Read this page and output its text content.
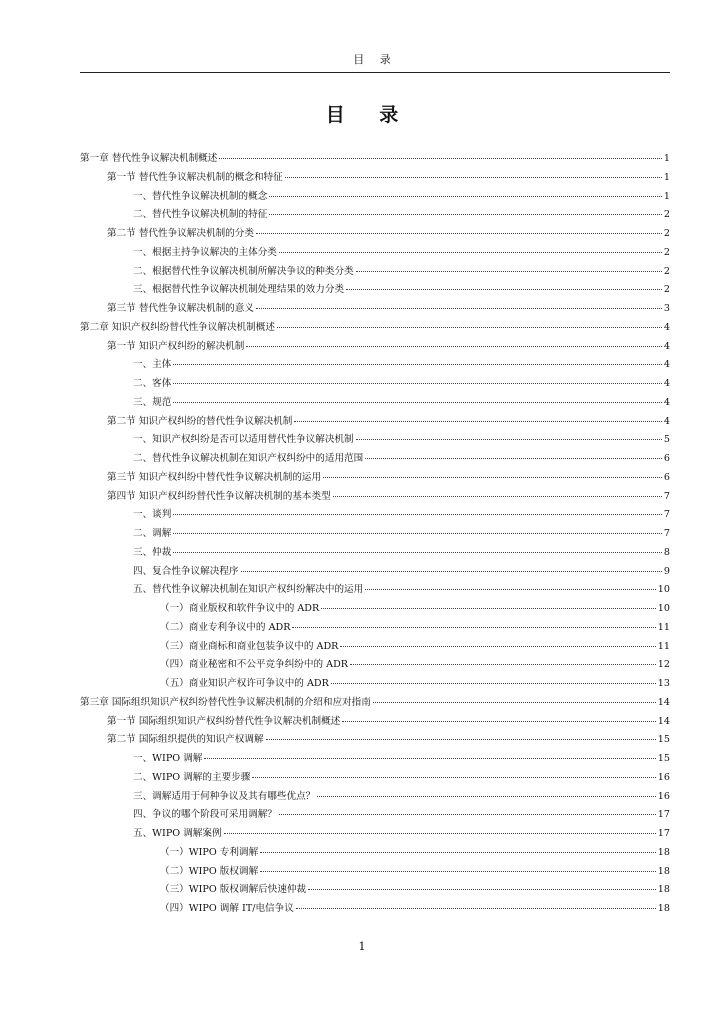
目 录
目 录
第一章 替代性争议解决机制概述	1
第一节 替代性争议解决机制的概念和特征	1
一、替代性争议解决机制的概念	1
二、替代性争议解决机制的特征	2
第二节 替代性争议解决机制的分类	2
一、根据主持争议解决的主体分类	2
二、根据替代性争议解决机制所解决争议的种类分类	2
三、根据替代性争议解决机制处理结果的效力分类	2
第三节 替代性争议解决机制的意义	3
第二章 知识产权纠纷替代性争议解决机制概述	4
第一节 知识产权纠纷的解决机制	4
一、主体	4
二、客体	4
三、规范	4
第二节 知识产权纠纷的替代性争议解决机制	4
一、知识产权纠纷是否可以适用替代性争议解决机制	5
二、替代性争议解决机制在知识产权纠纷中的适用范围	6
第三节 知识产权纠纷中替代性争议解决机制的运用	6
第四节 知识产权纠纷替代性争议解决机制的基本类型	7
一、谈判	7
二、调解	7
三、仲裁	8
四、复合性争议解决程序	9
五、替代性争议解决机制在知识产权纠纷解决中的运用	10
（一）商业版权和软件争议中的 ADR	10
（二）商业专利争议中的 ADR	11
（三）商业商标和商业包装争议中的 ADR	11
（四）商业秘密和不公平竞争纠纷中的 ADR	12
（五）商业知识产权许可争议中的 ADR	13
第三章 国际组织知识产权纠纷替代性争议解决机制的介绍和应对指南	14
第一节 国际组织知识产权纠纷替代性争议解决机制概述	14
第二节 国际组织提供的知识产权调解	15
一、WIPO 调解	15
二、WIPO 调解的主要步骤	16
三、调解适用于何种争议及其有哪些优点？	16
四、争议的哪个阶段可采用调解？	17
五、WIPO 调解案例	17
（一）WIPO 专利调解	18
（二）WIPO 版权调解	18
（三）WIPO 版权调解后快速仲裁	18
（四）WIPO 调解 IT/电信争议	18
1
